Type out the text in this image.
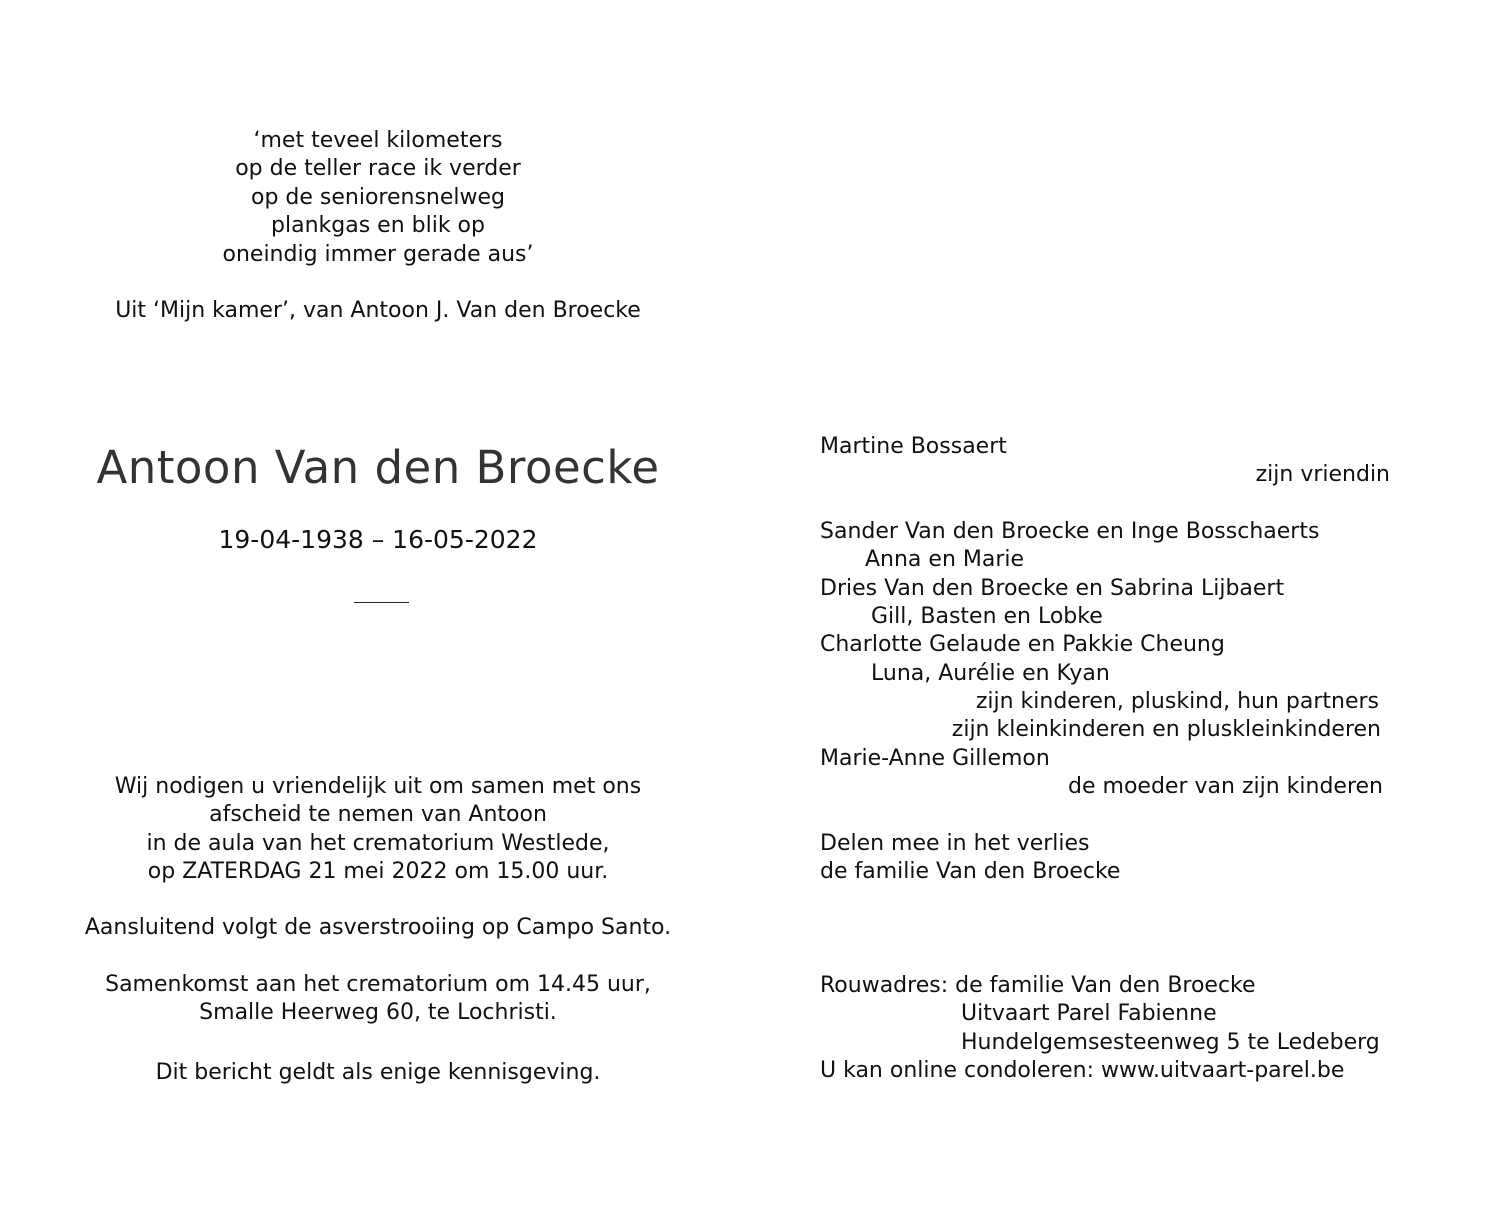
‘met teveel kilometers
op de teller race ik verder
op de seniorensnelweg
plankgas en blik op
oneindig immer gerade aus’
Uit ‘Mijn kamer’, van Antoon J. Van den Broecke
Antoon Van den Broecke
19-04-1938 – 16-05-2022
Wij nodigen u vriendelijk uit om samen met ons
afscheid te nemen van Antoon
in de aula van het crematorium Westlede,
op ZATERDAG 21 mei 2022 om 15.00 uur.
Aansluitend volgt de asverstrooiing op Campo Santo.
Samenkomst aan het crematorium om 14.45 uur,
Smalle Heerweg 60, te Lochristi.
Dit bericht geldt als enige kennisgeving.
Martine Bossaert
zijn vriendin
Sander Van den Broecke en Inge Bosschaerts
Anna en Marie
Dries Van den Broecke en Sabrina Lijbaert
Gill, Basten en Lobke
Charlotte Gelaude en Pakkie Cheung
Luna, Aurélie en Kyan
zijn kinderen, pluskind, hun partners
zijn kleinkinderen en pluskleinkinderen
Marie-Anne Gillemon
de moeder van zijn kinderen
Delen mee in het verlies
de familie Van den Broecke
Rouwadres: de familie Van den Broecke
Uitvaart Parel Fabienne
Hundelgemsesteenweg 5 te Ledeberg
U kan online condoleren: www.uitvaart-parel.be
